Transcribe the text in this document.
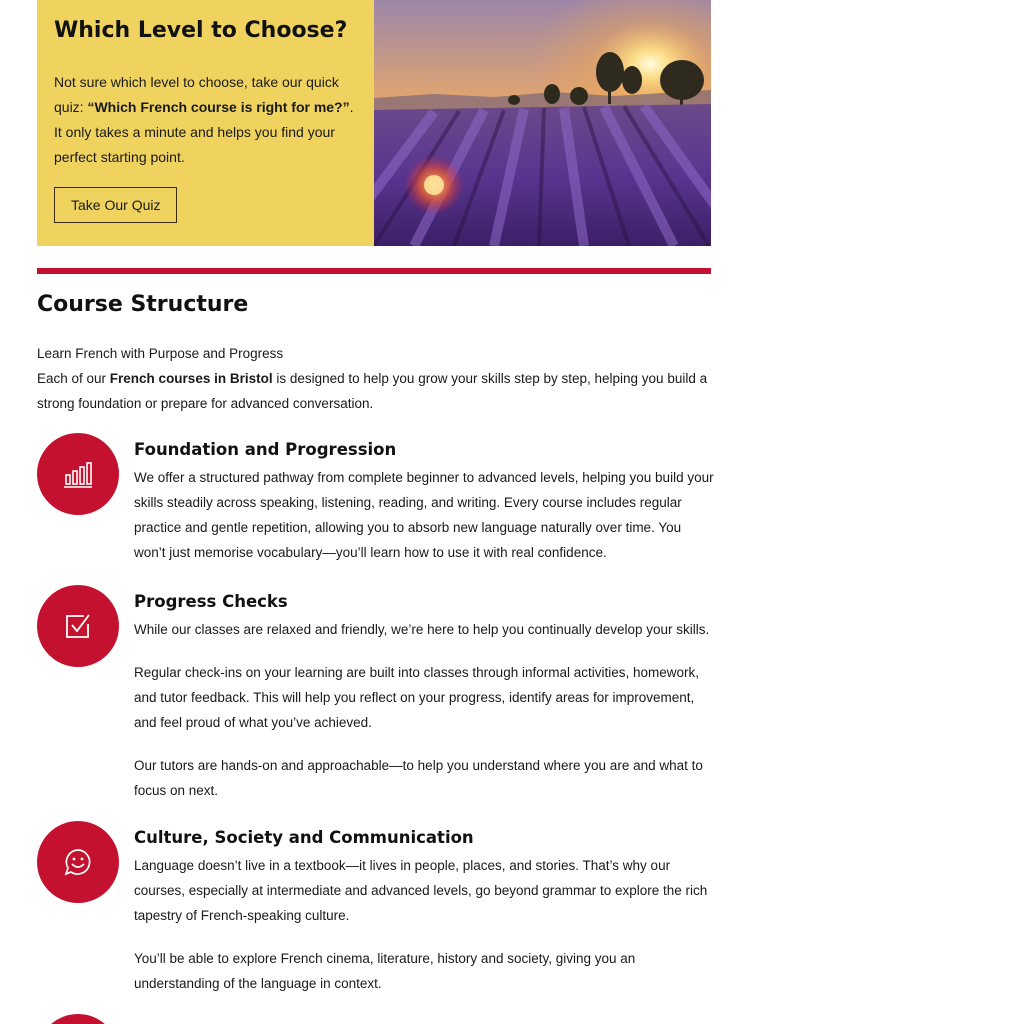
Which Level to Choose?

Not sure which level to choose, take our quick quiz: “Which French course is right for me?”. It only takes a minute and helps you find your perfect starting point.

Take Our Quiz
Course Structure

Learn French with Purpose and Progress

Each of our French courses in Bristol is designed to help you grow your skills step by step, helping you build a strong foundation or prepare for advanced conversation.

Foundation and Progression

We offer a structured pathway from complete beginner to advanced levels, helping you build your skills steadily across speaking, listening, reading, and writing. Every course includes regular practice and gentle repetition, allowing you to absorb new language naturally over time. You won’t just memorise vocabulary—you’ll learn how to use it with real confidence.

Progress Checks

While our classes are relaxed and friendly, we’re here to help you continually develop your skills.

Regular check-ins on your learning are built into classes through informal activities, homework, and tutor feedback. This will help you reflect on your progress, identify areas for improvement, and feel proud of what you’ve achieved.

Our tutors are hands-on and approachable—to help you understand where you are and what to focus on next.

Culture, Society and Communication

Language doesn’t live in a textbook—it lives in people, places, and stories. That’s why our courses, especially at intermediate and advanced levels, go beyond grammar to explore the rich tapestry of French-speaking culture.

You’ll be able to explore French cinema, literature, history and society, giving you an understanding of the language in context.
